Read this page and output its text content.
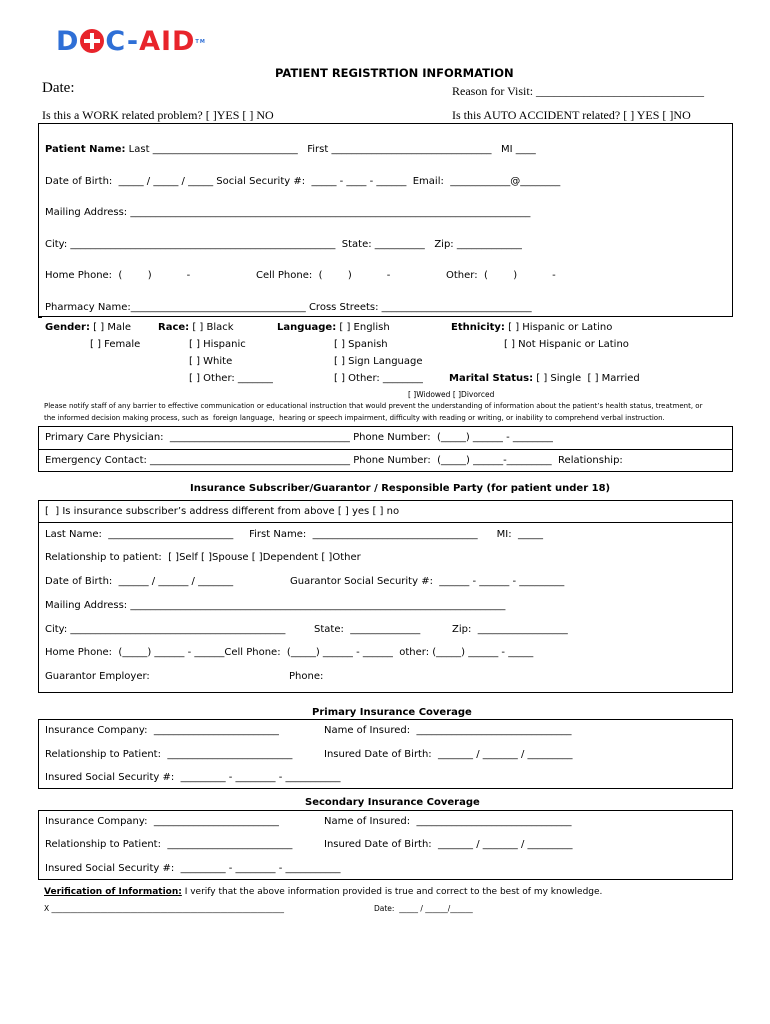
D C-AID™
PATIENT REGISTRTION INFORMATION
Date:	Reason for Visit: ____________________________
Is this a WORK related problem? [ ]YES [ ] NO	Is this AUTO ACCIDENT related? [ ] YES [ ]NO
Patient Name: Last _____________________________   First ________________________________   MI ____
Date of Birth:  _____ / _____ / _____ Social Security #:  _____ - ____ - ______  Email:  ____________@________
Mailing Address: ________________________________________________________________________________
City: _____________________________________________________  State: __________   Zip: _____________
Home Phone:  (        )           -	Cell Phone:  (        )           -	Other:  (        )           -
Pharmacy Name:___________________________________ Cross Streets: ______________________________
Gender: [ ] Male
[ ] Female
Race: [ ] Black
[ ] Hispanic
[ ] White
[ ] Other: _______
Language: [ ] English
[ ] Spanish
[ ] Sign Language
[ ] Other: ________
Ethnicity: [ ] Hispanic or Latino
[ ] Not Hispanic or Latino
Marital Status: [ ] Single  [ ] Married
[ ]Widowed [ ]Divorced
Please notify staff of any barrier to effective communication or educational instruction that would prevent the understanding of information about the patient’s health status, treatment, or
the informed decision making process, such as  foreign language,  hearing or speech impairment, difficulty with reading or writing, or inability to comprehend verbal instruction.
Primary Care Physician:  ____________________________________ Phone Number:  (_____) ______ - ________
Emergency Contact: ________________________________________ Phone Number:  (_____) ______-_________  Relationship:
Insurance Subscriber/Guarantor / Responsible Party (for patient under 18)
[  ] Is insurance subscriber’s address different from above [ ] yes [ ] no
Last Name:  _________________________     First Name:  _________________________________      MI:  _____
Relationship to patient:  [ ]Self [ ]Spouse [ ]Dependent [ ]Other
Date of Birth:  ______ / ______ / _______	Guarantor Social Security #:  ______ - ______ - _________
Mailing Address: ___________________________________________________________________________
City: ___________________________________________         State:  ______________          Zip:  __________________
Home Phone:  (_____) ______ - ______Cell Phone:  (_____) ______ - ______  other: (_____) ______ - _____
Guarantor Employer:	Phone:
Primary Insurance Coverage
Insurance Company:  _________________________	Name of Insured:  _______________________________
Relationship to Patient:  _________________________	Insured Date of Birth:  _______ / _______ / _________
Insured Social Security #:  _________ - ________ - ___________
Secondary Insurance Coverage
Insurance Company:  _________________________	Name of Insured:  _______________________________
Relationship to Patient:  _________________________	Insured Date of Birth:  _______ / _______ / _________
Insured Social Security #:  _________ - ________ - ___________
Verification of Information: I verify that the above information provided is true and correct to the best of my knowledge.
X ______________________________________________________________	Date:  _____ / ______/______
